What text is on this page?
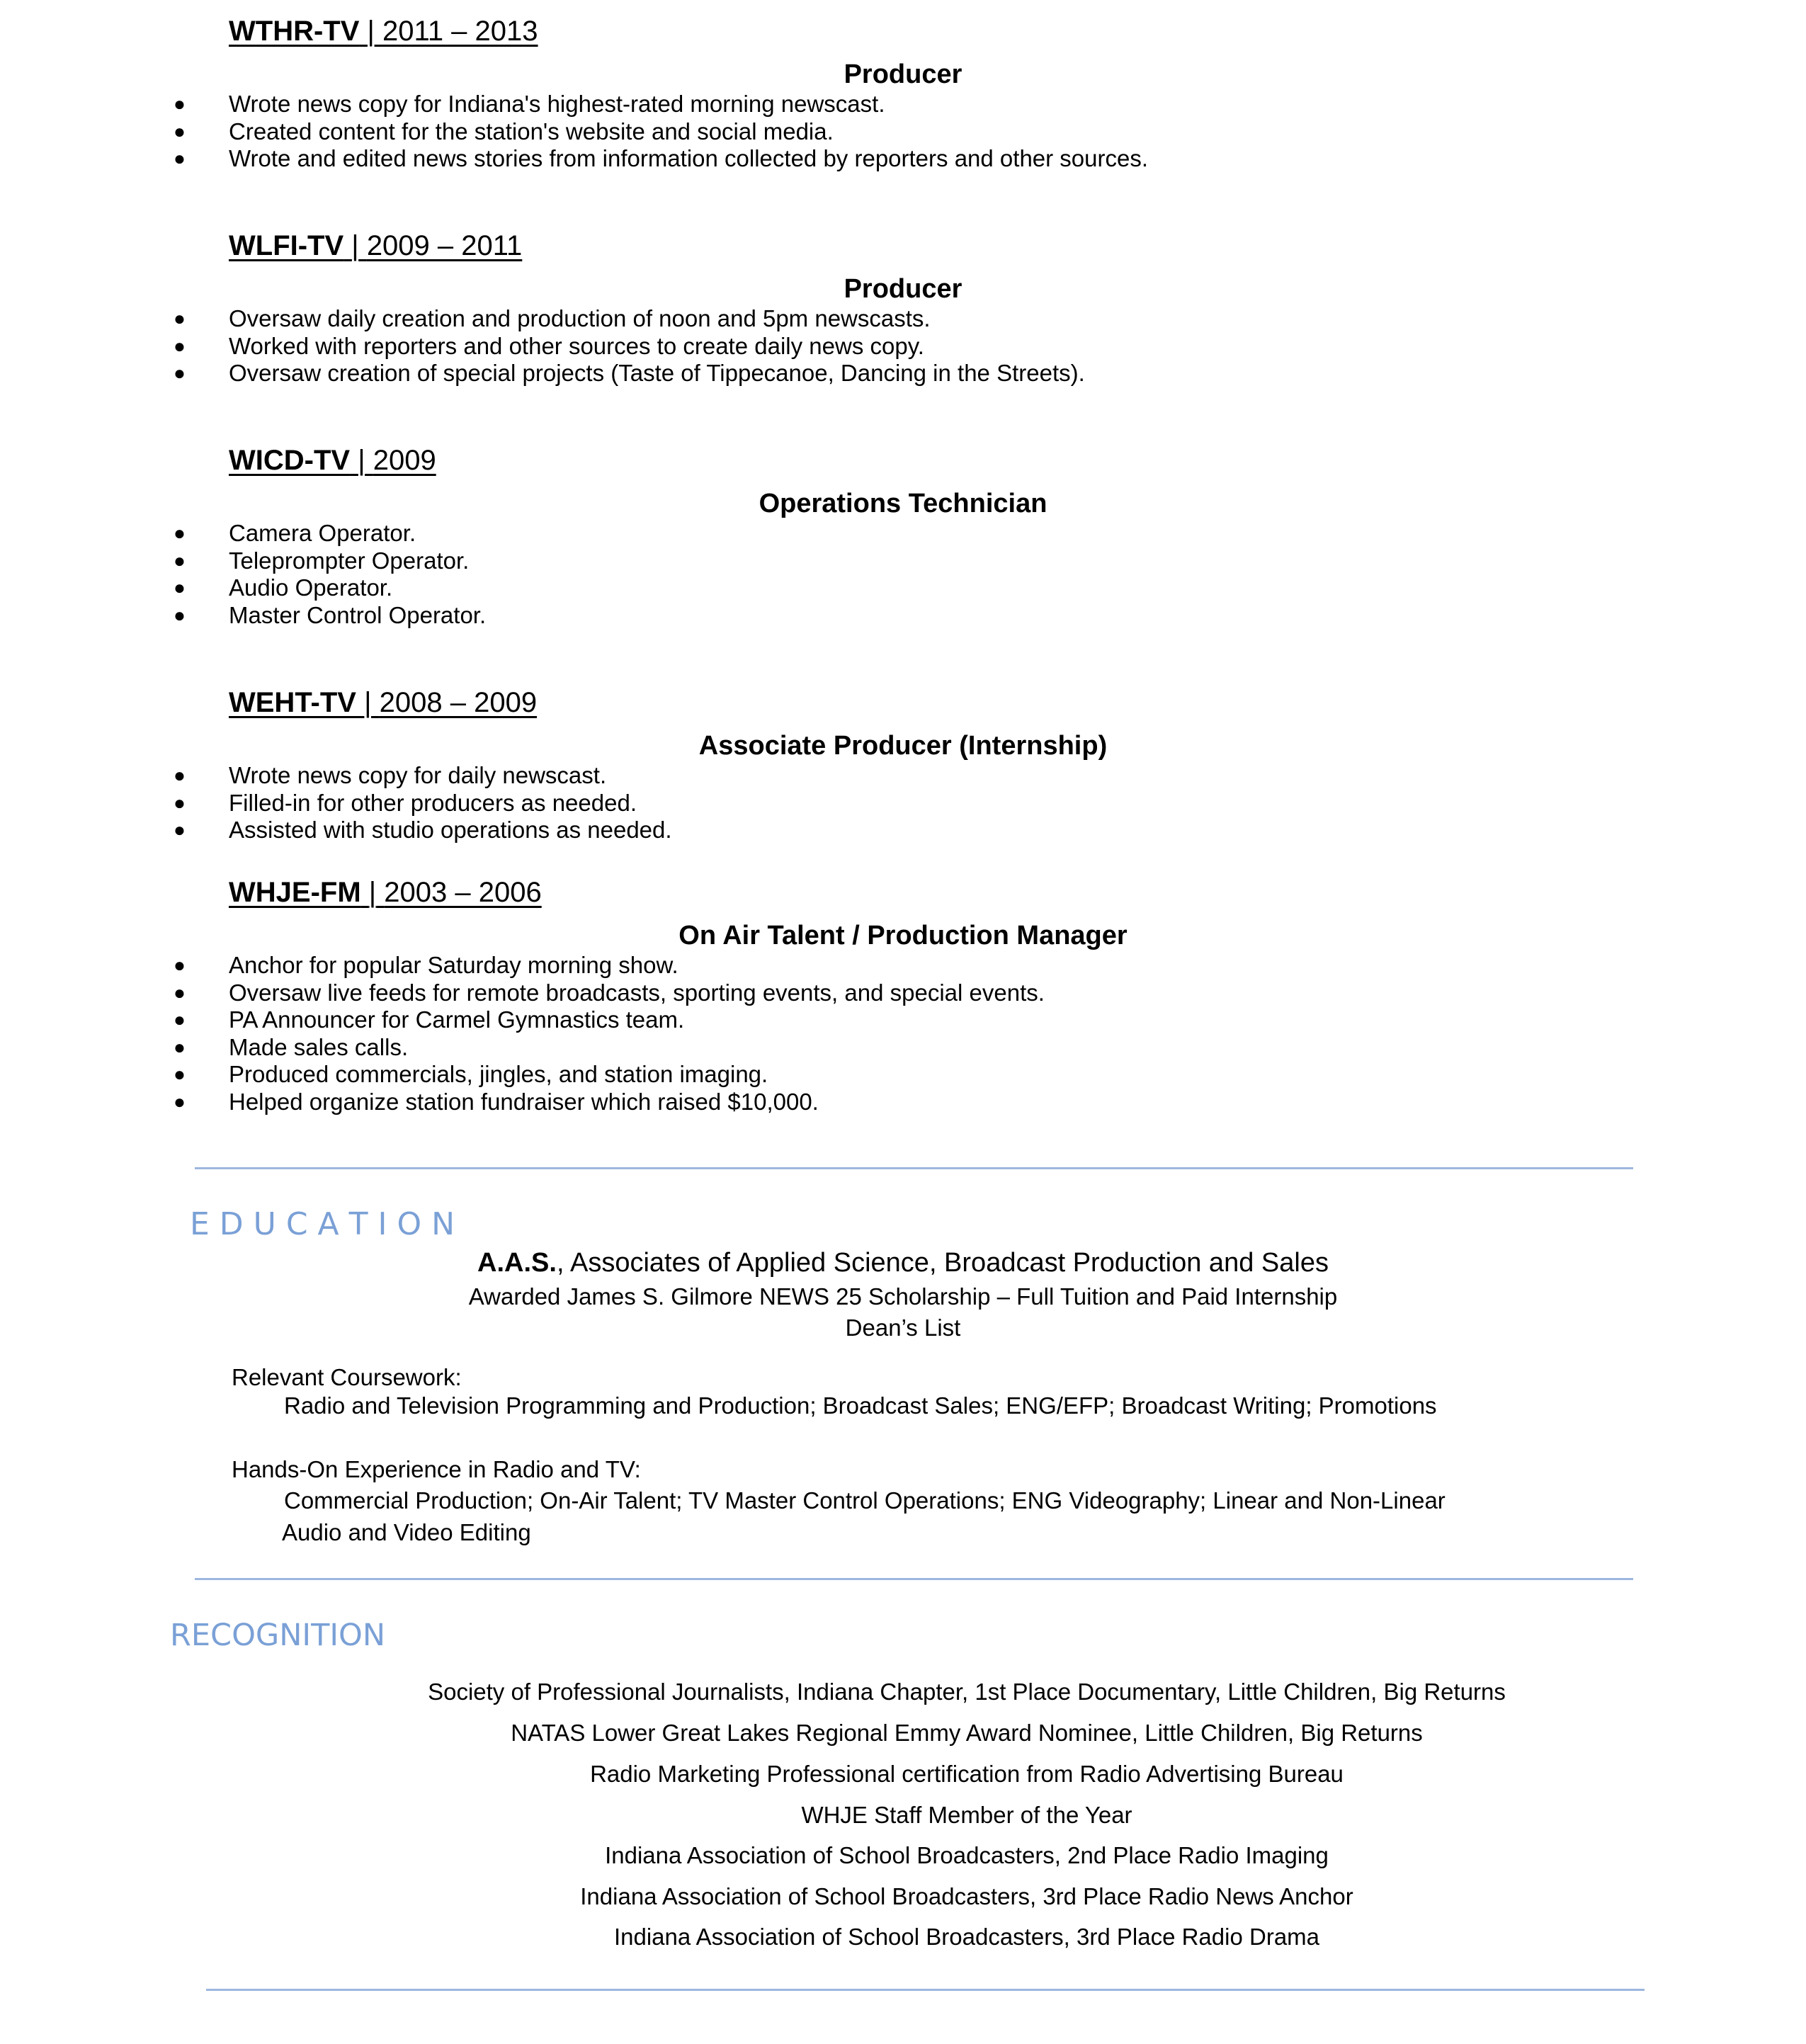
WTHR-TV | 2011 – 2013
Producer
● Wrote news copy for Indiana's highest-rated morning newscast.
● Created content for the station's website and social media.
● Wrote and edited news stories from information collected by reporters and other sources.
WLFI-TV | 2009 – 2011
Producer
● Oversaw daily creation and production of noon and 5pm newscasts.
● Worked with reporters and other sources to create daily news copy.
● Oversaw creation of special projects (Taste of Tippecanoe, Dancing in the Streets).
WICD-TV | 2009
Operations Technician
● Camera Operator.
● Teleprompter Operator.
● Audio Operator.
● Master Control Operator.
WEHT-TV | 2008 – 2009
Associate Producer (Internship)
● Wrote news copy for daily newscast.
● Filled-in for other producers as needed.
● Assisted with studio operations as needed.
WHJE-FM | 2003 – 2006
On Air Talent / Production Manager
● Anchor for popular Saturday morning show.
● Oversaw live feeds for remote broadcasts, sporting events, and special events.
● PA Announcer for Carmel Gymnastics team.
● Made sales calls.
● Produced commercials, jingles, and station imaging.
● Helped organize station fundraiser which raised $10,000.
E D U C A T I O N
A.A.S., Associates of Applied Science, Broadcast Production and Sales
Awarded James S. Gilmore NEWS 25 Scholarship – Full Tuition and Paid Internship
Dean’s List
Relevant Coursework:
Radio and Television Programming and Production; Broadcast Sales; ENG/EFP; Broadcast Writing; Promotions
Hands-On Experience in Radio and TV:
Commercial Production; On-Air Talent; TV Master Control Operations; ENG Videography; Linear and Non-Linear
Audio and Video Editing
RECOGNITION
Society of Professional Journalists, Indiana Chapter, 1st Place Documentary, Little Children, Big Returns
NATAS Lower Great Lakes Regional Emmy Award Nominee, Little Children, Big Returns
Radio Marketing Professional certification from Radio Advertising Bureau
WHJE Staff Member of the Year
Indiana Association of School Broadcasters, 2nd Place Radio Imaging
Indiana Association of School Broadcasters, 3rd Place Radio News Anchor
Indiana Association of School Broadcasters, 3rd Place Radio Drama
